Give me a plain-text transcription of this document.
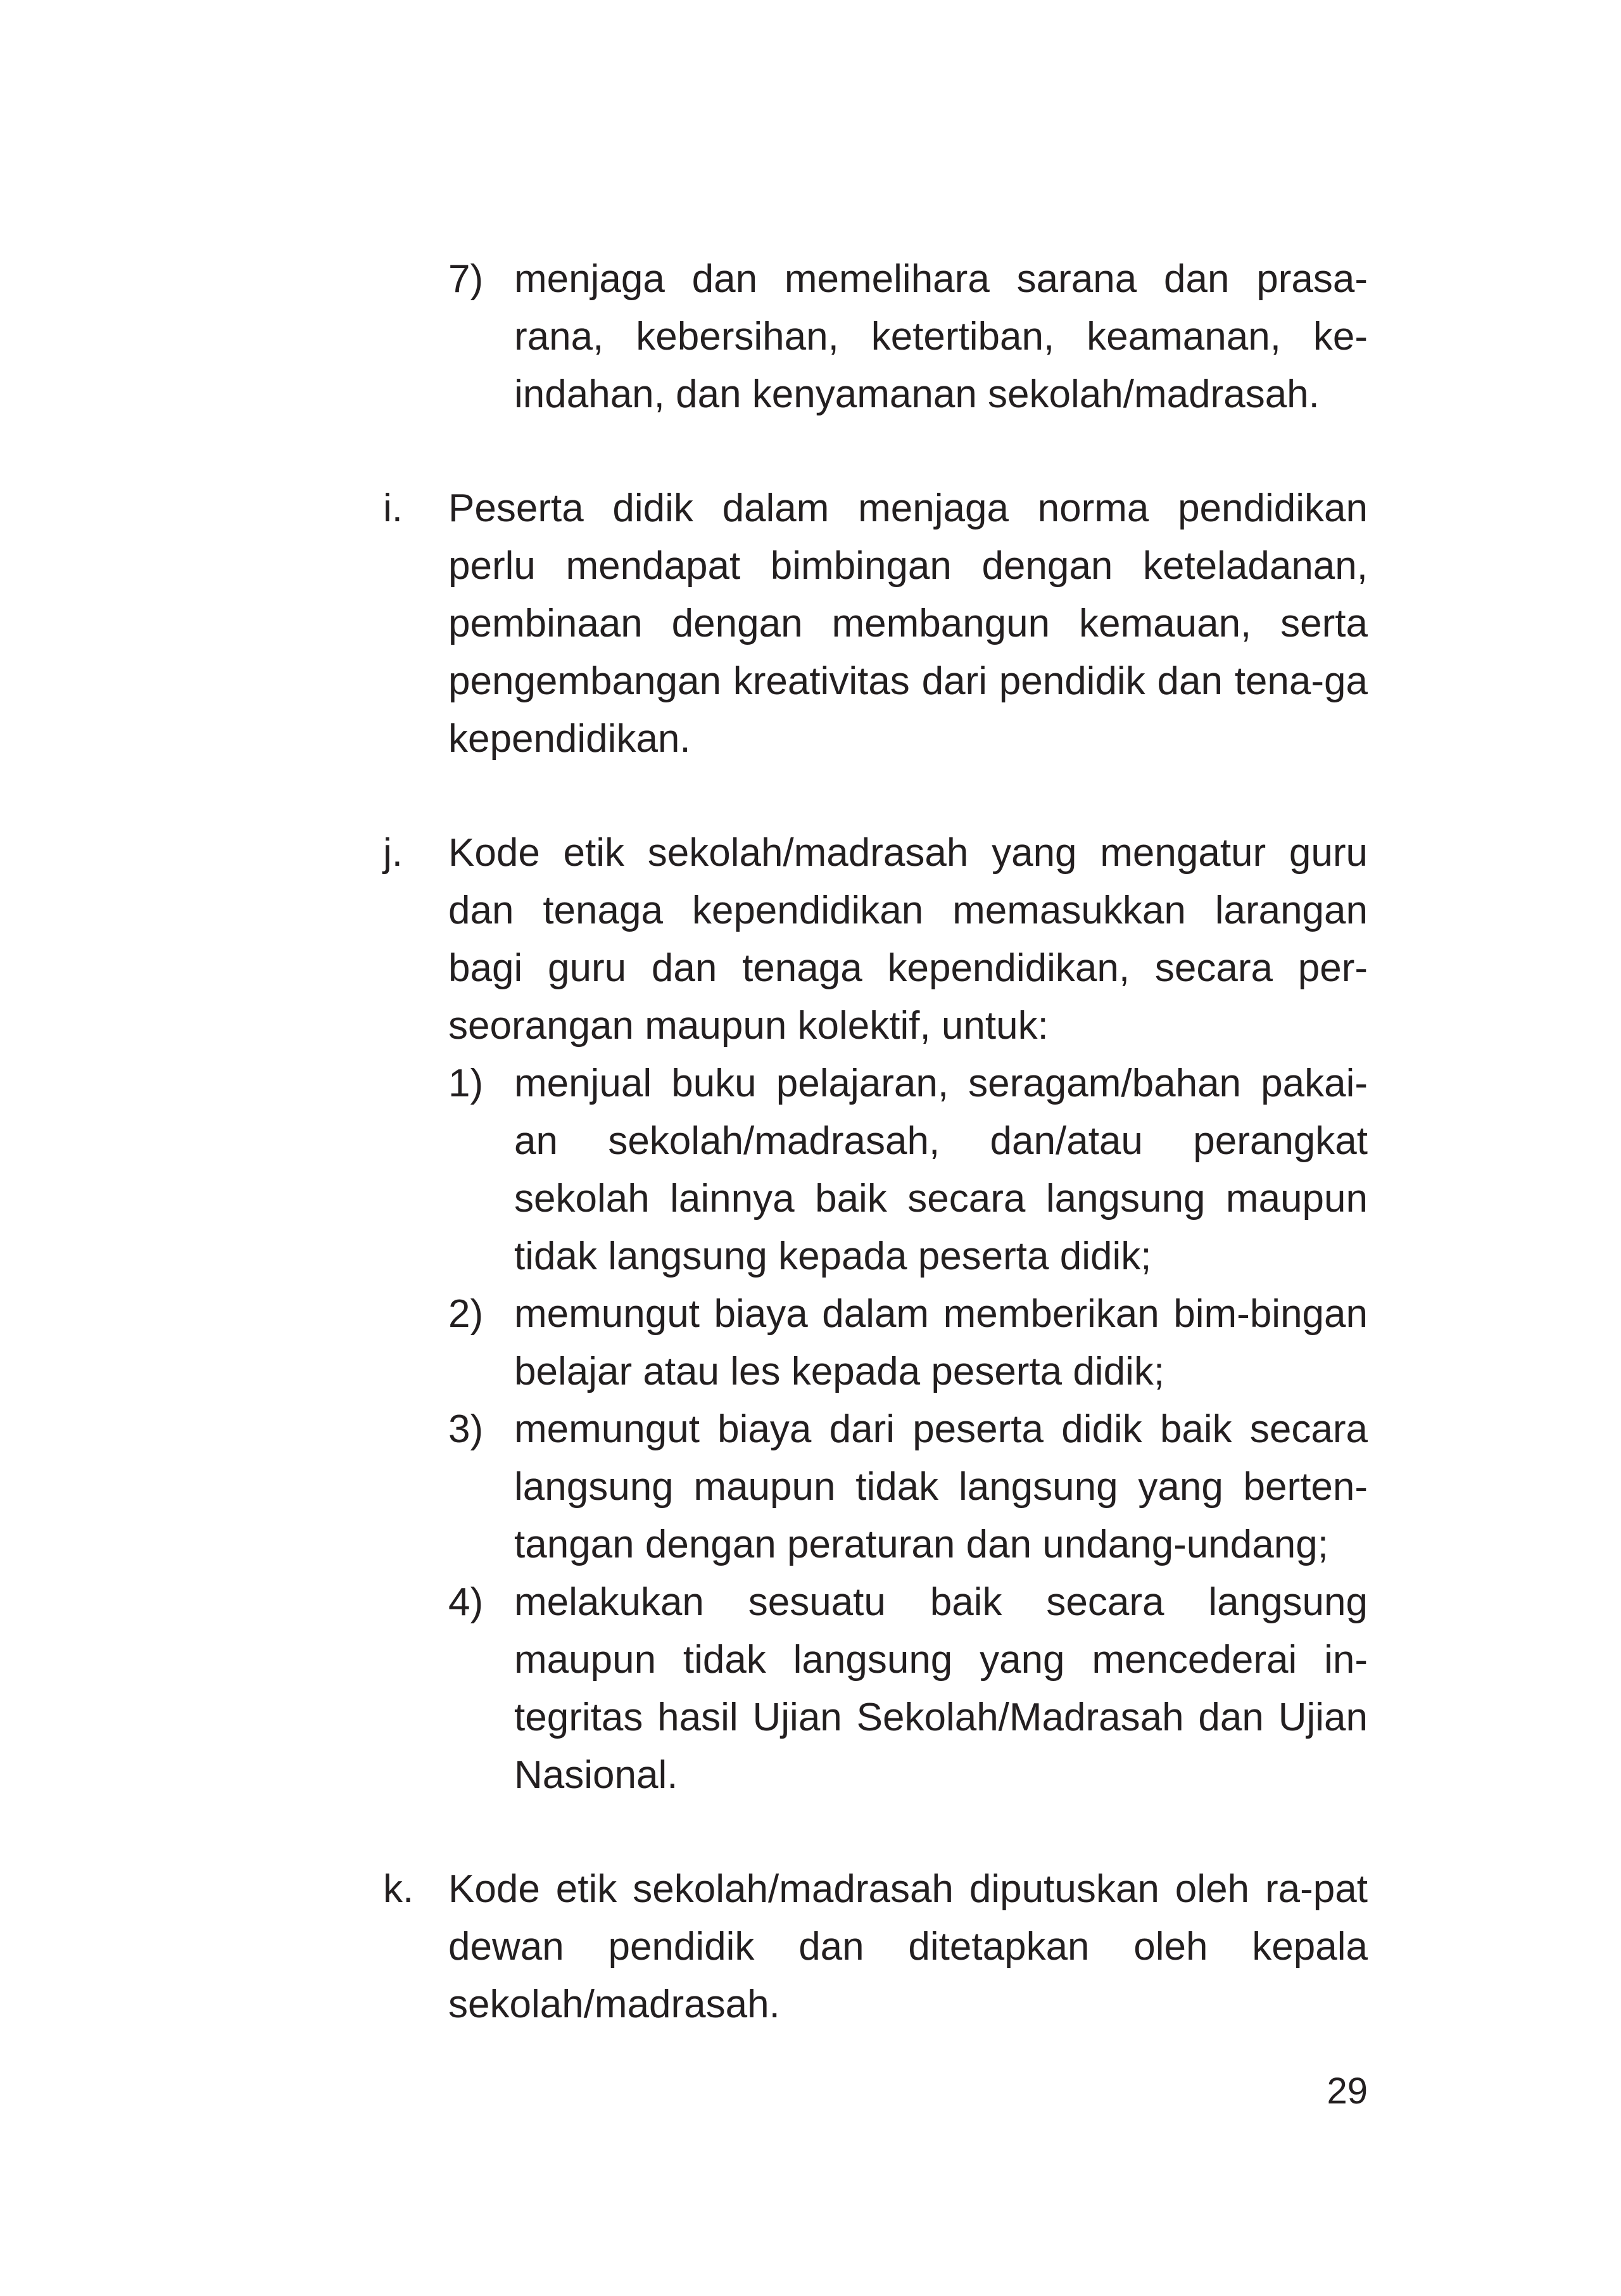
7) menjaga dan memelihara sarana dan prasa-rana, kebersihan, ketertiban, keamanan, ke-indahan, dan kenyamanan sekolah/madrasah.
i. Peserta didik dalam menjaga norma pendidikan perlu mendapat bimbingan dengan keteladanan, pembinaan dengan membangun kemauan, serta pengembangan kreativitas dari pendidik dan tena-ga kependidikan.
j. Kode etik sekolah/madrasah yang mengatur guru dan tenaga kependidikan memasukkan larangan bagi guru dan tenaga kependidikan, secara per-seorangan maupun kolektif, untuk:
1) menjual buku pelajaran, seragam/bahan pakai-an sekolah/madrasah, dan/atau perangkat sekolah lainnya baik secara langsung maupun tidak langsung kepada peserta didik;
2) memungut biaya dalam memberikan bim-bingan belajar atau les kepada peserta didik;
3) memungut biaya dari peserta didik baik secara langsung maupun tidak langsung yang berten-tangan dengan peraturan dan undang-undang;
4) melakukan sesuatu baik secara langsung maupun tidak langsung yang mencederai in-tegritas hasil Ujian Sekolah/Madrasah dan Ujian Nasional.
k. Kode etik sekolah/madrasah diputuskan oleh ra-pat dewan pendidik dan ditetapkan oleh kepala sekolah/madrasah.
29
